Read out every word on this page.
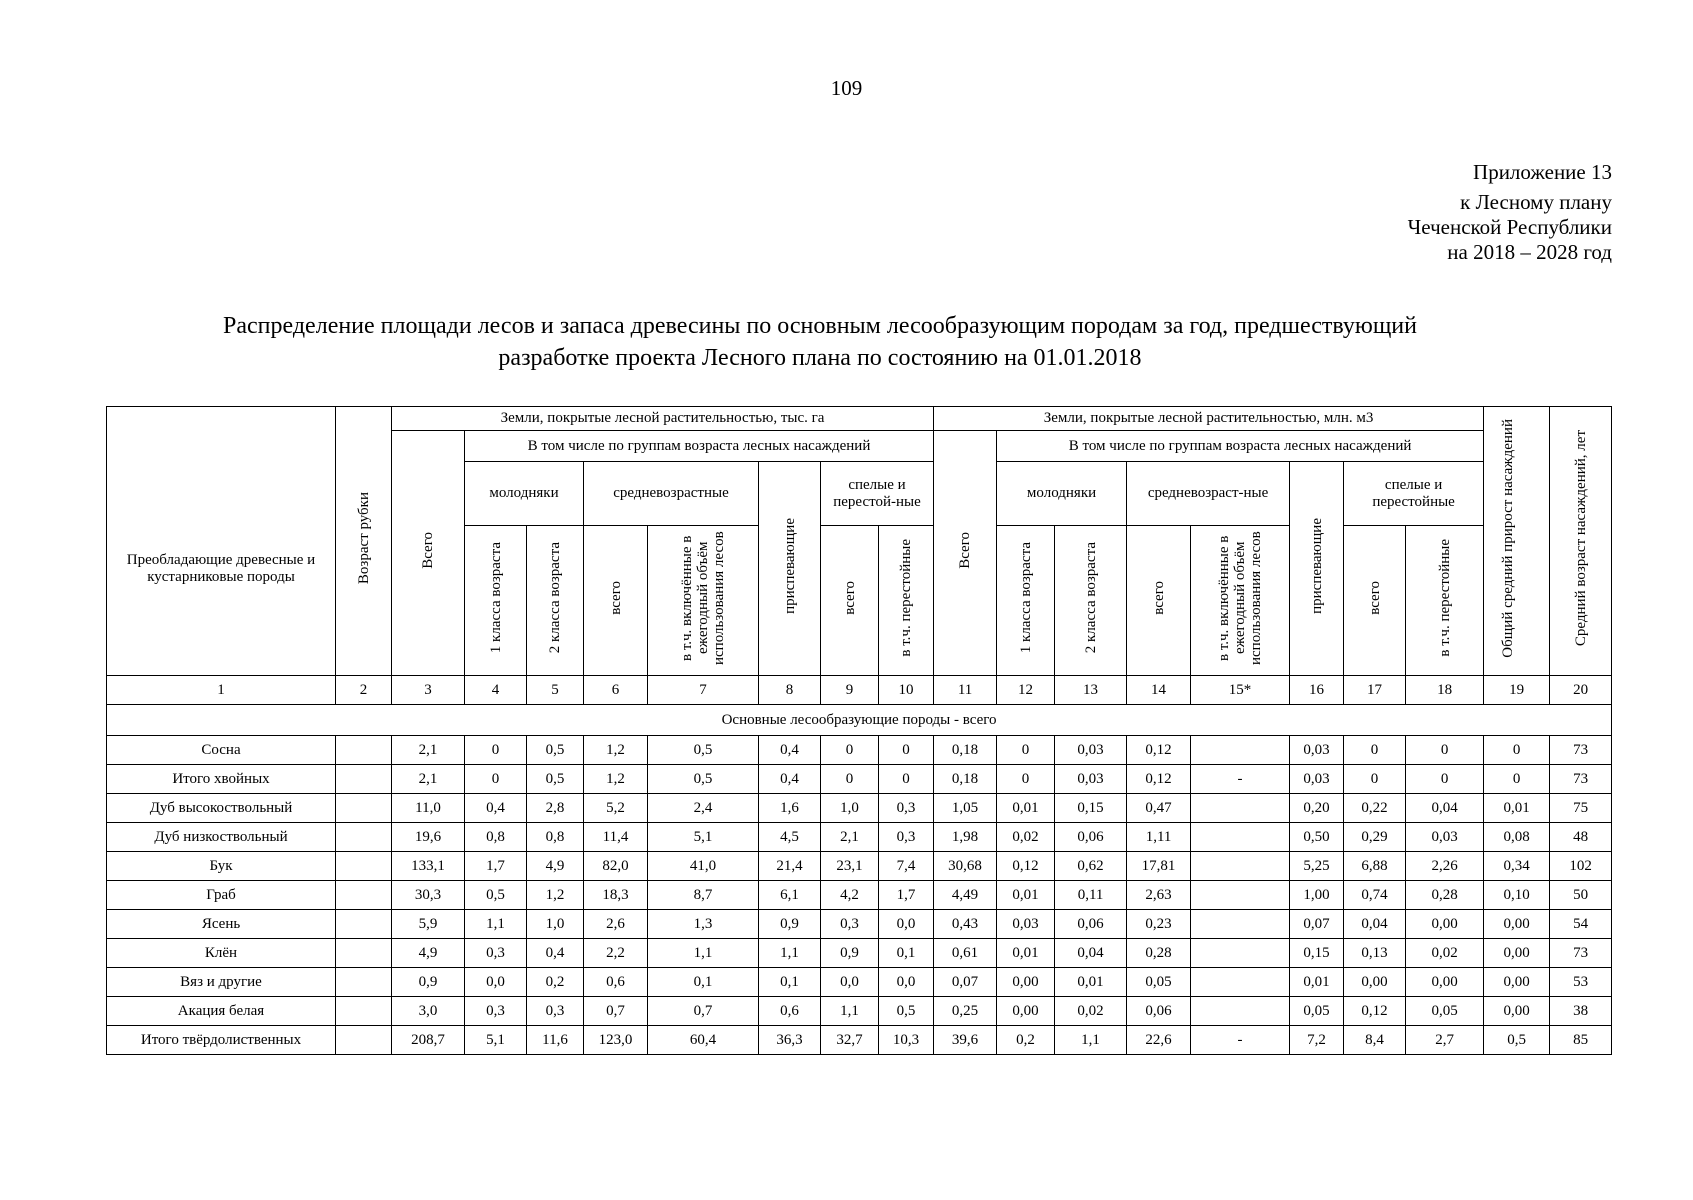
109
Приложение 13
к Лесному плану
Чеченской Республики
на 2018 – 2028 год
Распределение площади лесов и запаса древесины по основным лесообразующим породам за год, предшествующий
разработке проекта Лесного плана по состоянию на 01.01.2018
Преобладающие древесные и кустарниковые породы	Возраст рубки	Земли, покрытые лесной растительностью, тыс. га								Земли, покрытые лесной растительностью, млн. м3								Общий средний прирост насаждений	Средний возраст насаждений, лет
		Всего	В том числе по группам возраста лесных насаждений							Всего	В том числе по группам возраста лесных насаждений								
			молодняки		средневозрастные		приспевающие	спелые и перестой-ные			молодняки		средневозраст-ные		приспевающие	спелые и перестойные			
			1 класса возраста	2 класса возраста	всего	в т.ч. включённые в ежегодный объём использования лесов		всего	в т.ч. перестойные		1 класса возраста	2 класса возраста	всего	в т.ч. включённые в ежегодный объём использования лесов		всего	в т.ч. перестойные		
1	2	3	4	5	6	7	8	9	10	11	12	13	14	15*	16	17	18	19	20
Основные лесообразующие породы - всего																			
Сосна		2,1	0	0,5	1,2	0,5	0,4	0	0	0,18	0	0,03	0,12		0,03	0	0	0	73
Итого хвойных		2,1	0	0,5	1,2	0,5	0,4	0	0	0,18	0	0,03	0,12	-	0,03	0	0	0	73
Дуб высокоствольный		11,0	0,4	2,8	5,2	2,4	1,6	1,0	0,3	1,05	0,01	0,15	0,47		0,20	0,22	0,04	0,01	75
Дуб низкоствольный		19,6	0,8	0,8	11,4	5,1	4,5	2,1	0,3	1,98	0,02	0,06	1,11		0,50	0,29	0,03	0,08	48
Бук		133,1	1,7	4,9	82,0	41,0	21,4	23,1	7,4	30,68	0,12	0,62	17,81		5,25	6,88	2,26	0,34	102
Граб		30,3	0,5	1,2	18,3	8,7	6,1	4,2	1,7	4,49	0,01	0,11	2,63		1,00	0,74	0,28	0,10	50
Ясень		5,9	1,1	1,0	2,6	1,3	0,9	0,3	0,0	0,43	0,03	0,06	0,23		0,07	0,04	0,00	0,00	54
Клён		4,9	0,3	0,4	2,2	1,1	1,1	0,9	0,1	0,61	0,01	0,04	0,28		0,15	0,13	0,02	0,00	73
Вяз и другие		0,9	0,0	0,2	0,6	0,1	0,1	0,0	0,0	0,07	0,00	0,01	0,05		0,01	0,00	0,00	0,00	53
Акация белая		3,0	0,3	0,3	0,7	0,7	0,6	1,1	0,5	0,25	0,00	0,02	0,06		0,05	0,12	0,05	0,00	38
Итого твёрдолиственных		208,7	5,1	11,6	123,0	60,4	36,3	32,7	10,3	39,6	0,2	1,1	22,6	-	7,2	8,4	2,7	0,5	85
